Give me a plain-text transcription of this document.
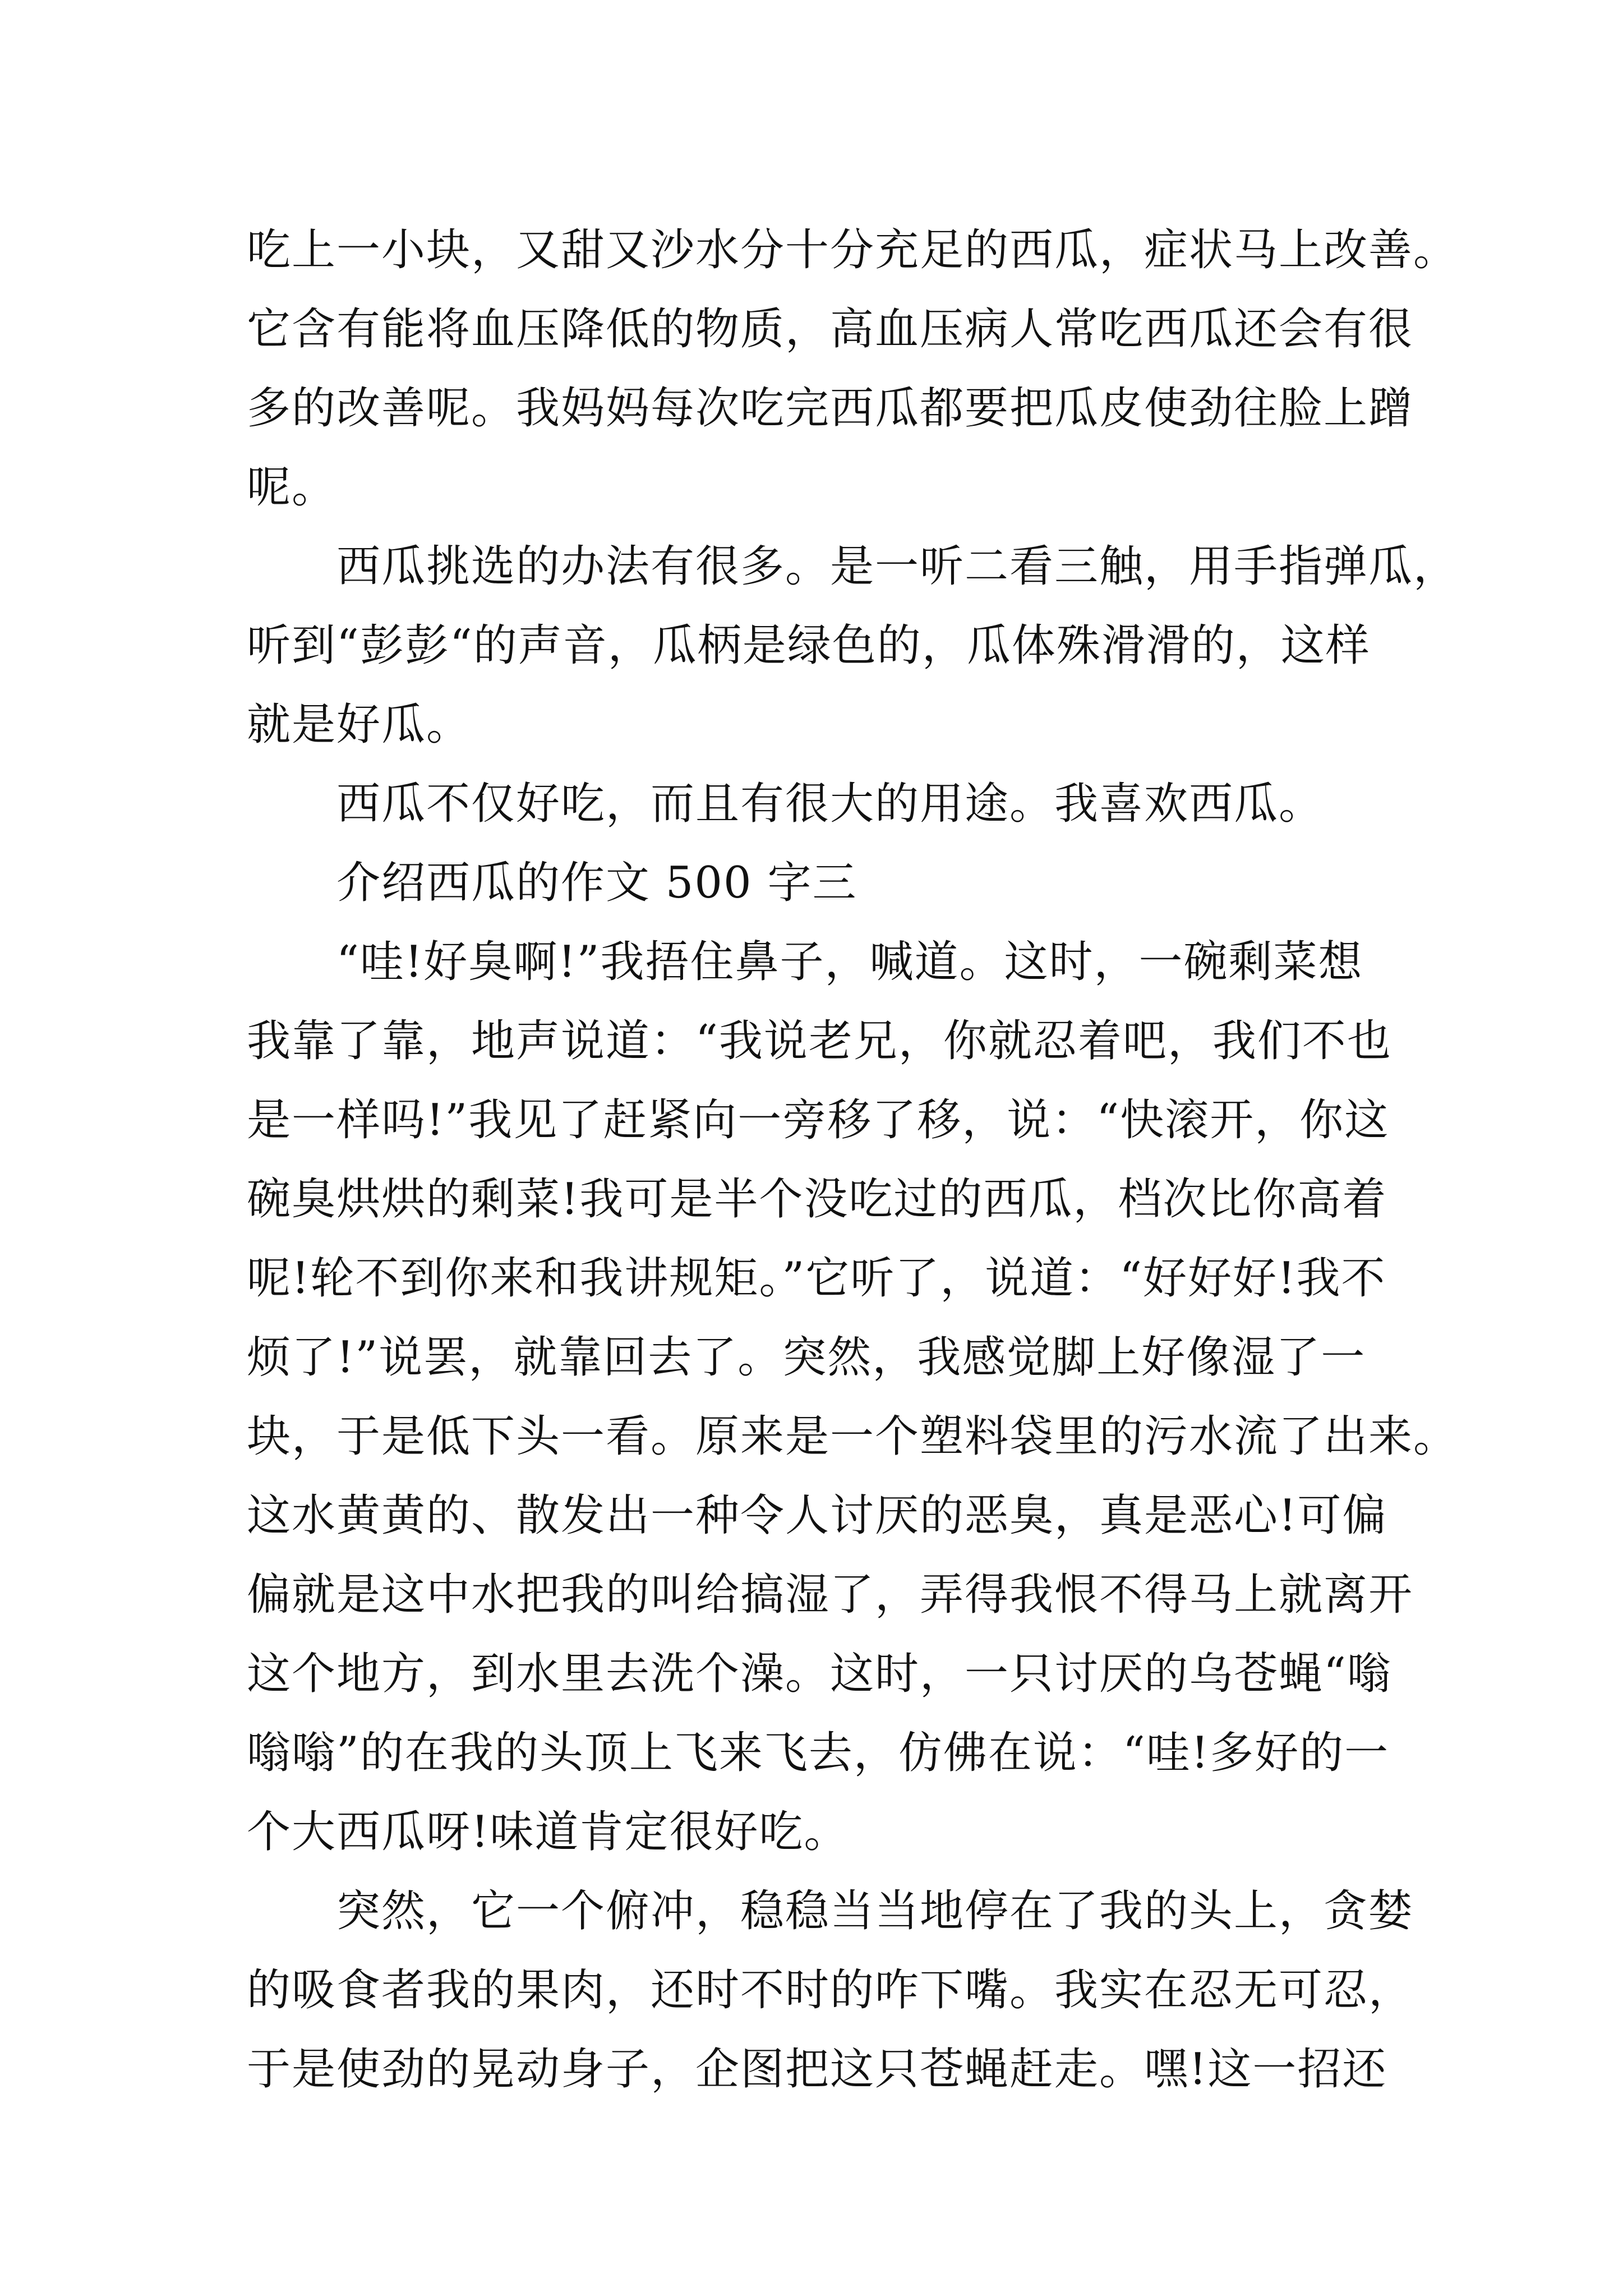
吃上一小块，又甜又沙水分十分充足的西瓜，症状马上改善。
它含有能将血压降低的物质，高血压病人常吃西瓜还会有很
多的改善呢。我妈妈每次吃完西瓜都要把瓜皮使劲往脸上蹭
呢。
西瓜挑选的办法有很多。是一听二看三触，用手指弹瓜，
听到“彭彭“的声音，瓜柄是绿色的，瓜体殊滑滑的，这样
就是好瓜。
西瓜不仅好吃，而且有很大的用途。我喜欢西瓜。
介绍西瓜的作文 500 字三
“哇!好臭啊!”我捂住鼻子，喊道。这时，一碗剩菜想
我靠了靠，地声说道：“我说老兄，你就忍着吧，我们不也
是一样吗!”我见了赶紧向一旁移了移，说：“快滚开，你这
碗臭烘烘的剩菜!我可是半个没吃过的西瓜，档次比你高着
呢!轮不到你来和我讲规矩。”它听了，说道：“好好好!我不
烦了!”说罢，就靠回去了。突然，我感觉脚上好像湿了一
块，于是低下头一看。原来是一个塑料袋里的污水流了出来。
这水黄黄的、散发出一种令人讨厌的恶臭，真是恶心!可偏
偏就是这中水把我的叫给搞湿了，弄得我恨不得马上就离开
这个地方，到水里去洗个澡。这时，一只讨厌的乌苍蝇“嗡
嗡嗡”的在我的头顶上飞来飞去，仿佛在说：“哇!多好的一
个大西瓜呀!味道肯定很好吃。
突然，它一个俯冲，稳稳当当地停在了我的头上，贪婪
的吸食者我的果肉，还时不时的咋下嘴。我实在忍无可忍，
于是使劲的晃动身子，企图把这只苍蝇赶走。嘿!这一招还
